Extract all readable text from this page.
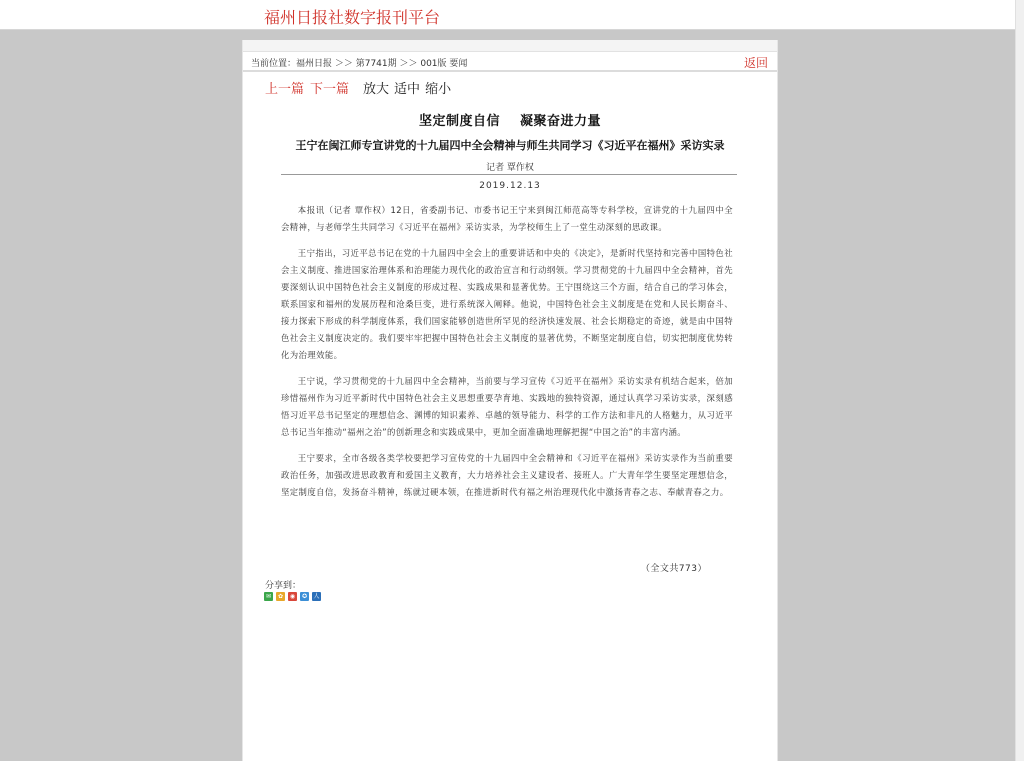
福州日报社数字报刊平台
当前位置：福州日报 ＞＞ 第7741期 ＞＞ 001版 要闻	返回
上一篇 下一篇 放大 适中 缩小
坚定制度自信    凝聚奋进力量
王宁在闽江师专宣讲党的十九届四中全会精神与师生共同学习《习近平在福州》采访实录
记者 覃作权
2019.12.13

本报讯（记者 覃作权）12日，省委副书记、市委书记王宁来到闽江师范高等专科学校，宣讲党的十九届四中全会精神，与老师学生共同学习《习近平在福州》采访实录，为学校师生上了一堂生动深刻的思政课。

王宁指出，习近平总书记在党的十九届四中全会上的重要讲话和中央的《决定》，是新时代坚持和完善中国特色社会主义制度、推进国家治理体系和治理能力现代化的政治宣言和行动纲领。学习贯彻党的十九届四中全会精神，首先要深刻认识中国特色社会主义制度的形成过程、实践成果和显著优势。王宁围绕这三个方面，结合自己的学习体会，联系国家和福州的发展历程和沧桑巨变，进行系统深入阐释。他说，中国特色社会主义制度是在党和人民长期奋斗、接力探索下形成的科学制度体系，我们国家能够创造世所罕见的经济快速发展、社会长期稳定的奇迹，就是由中国特色社会主义制度决定的。我们要牢牢把握中国特色社会主义制度的显著优势，不断坚定制度自信，切实把制度优势转化为治理效能。

王宁说，学习贯彻党的十九届四中全会精神，当前要与学习宣传《习近平在福州》采访实录有机结合起来，倍加珍惜福州作为习近平新时代中国特色社会主义思想重要孕育地、实践地的独特资源，通过认真学习采访实录，深刻感悟习近平总书记坚定的理想信念、渊博的知识素养、卓越的领导能力、科学的工作方法和非凡的人格魅力，从习近平总书记当年推动“福州之治”的创新理念和实践成果中，更加全面准确地理解把握“中国之治”的丰富内涵。

王宁要求，全市各级各类学校要把学习宣传党的十九届四中全会精神和《习近平在福州》采访实录作为当前重要政治任务，加强改进思政教育和爱国主义教育，大力培养社会主义建设者、接班人。广大青年学生要坚定理想信念，坚定制度自信，发扬奋斗精神，练就过硬本领，在推进新时代有福之州治理现代化中激扬青春之志、奉献青春之力。

（全文共773）
分享到：
✉	✿	◉	✪	人
